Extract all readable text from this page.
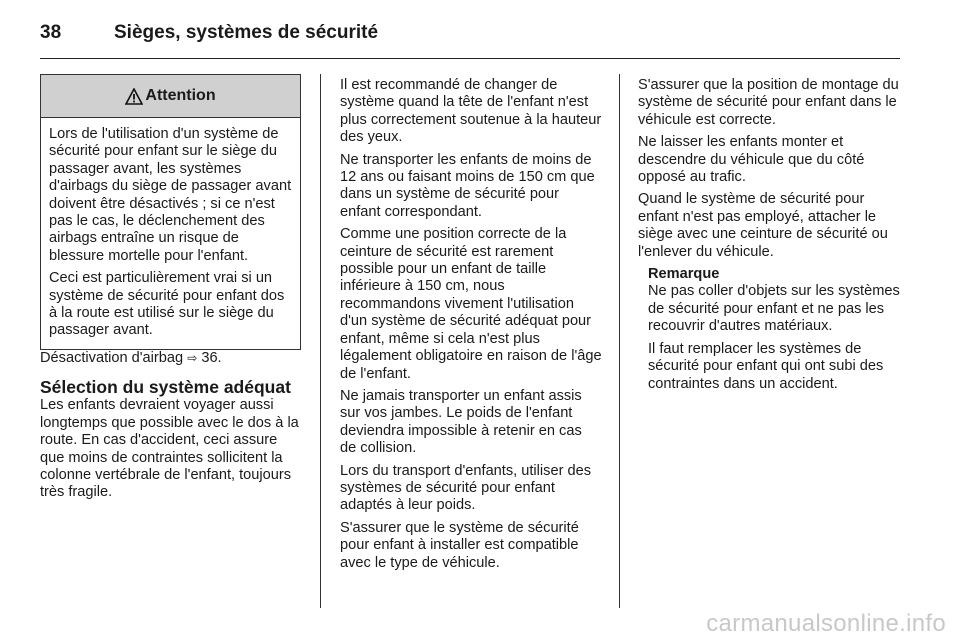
38	Sièges, systèmes de sécurité
Attention

Lors de l'utilisation d'un système de sécurité pour enfant sur le siège du passager avant, les systèmes d'airbags du siège de passager avant doivent être désactivés ; si ce n'est pas le cas, le déclenchement des airbags entraîne un risque de blessure mortelle pour l'enfant.

Ceci est particulièrement vrai si un système de sécurité pour enfant dos à la route est utilisé sur le siège du passager avant.

Désactivation d'airbag ⇨ 36.

Sélection du système adéquat

Les enfants devraient voyager aussi longtemps que possible avec le dos à la route. En cas d'accident, ceci assure que moins de contraintes sollicitent la colonne vertébrale de l'enfant, toujours très fragile.

Il est recommandé de changer de système quand la tête de l'enfant n'est plus correctement soutenue à la hauteur des yeux.

Ne transporter les enfants de moins de 12 ans ou faisant moins de 150 cm que dans un système de sécurité pour enfant correspondant.

Comme une position correcte de la ceinture de sécurité est rarement possible pour un enfant de taille inférieure à 150 cm, nous recommandons vivement l'utilisation d'un système de sécurité adéquat pour enfant, même si cela n'est plus légalement obligatoire en raison de l'âge de l'enfant.

Ne jamais transporter un enfant assis sur vos jambes. Le poids de l'enfant deviendra impossible à retenir en cas de collision.

Lors du transport d'enfants, utiliser des systèmes de sécurité pour enfant adaptés à leur poids.

S'assurer que le système de sécurité pour enfant à installer est compatible avec le type de véhicule.

S'assurer que la position de montage du système de sécurité pour enfant dans le véhicule est correcte.

Ne laisser les enfants monter et descendre du véhicule que du côté opposé au trafic.

Quand le système de sécurité pour enfant n'est pas employé, attacher le siège avec une ceinture de sécurité ou l'enlever du véhicule.

Remarque

Ne pas coller d'objets sur les systèmes de sécurité pour enfant et ne pas les recouvrir d'autres matériaux.

Il faut remplacer les systèmes de sécurité pour enfant qui ont subi des contraintes dans un accident.

carmanualsonline.info
